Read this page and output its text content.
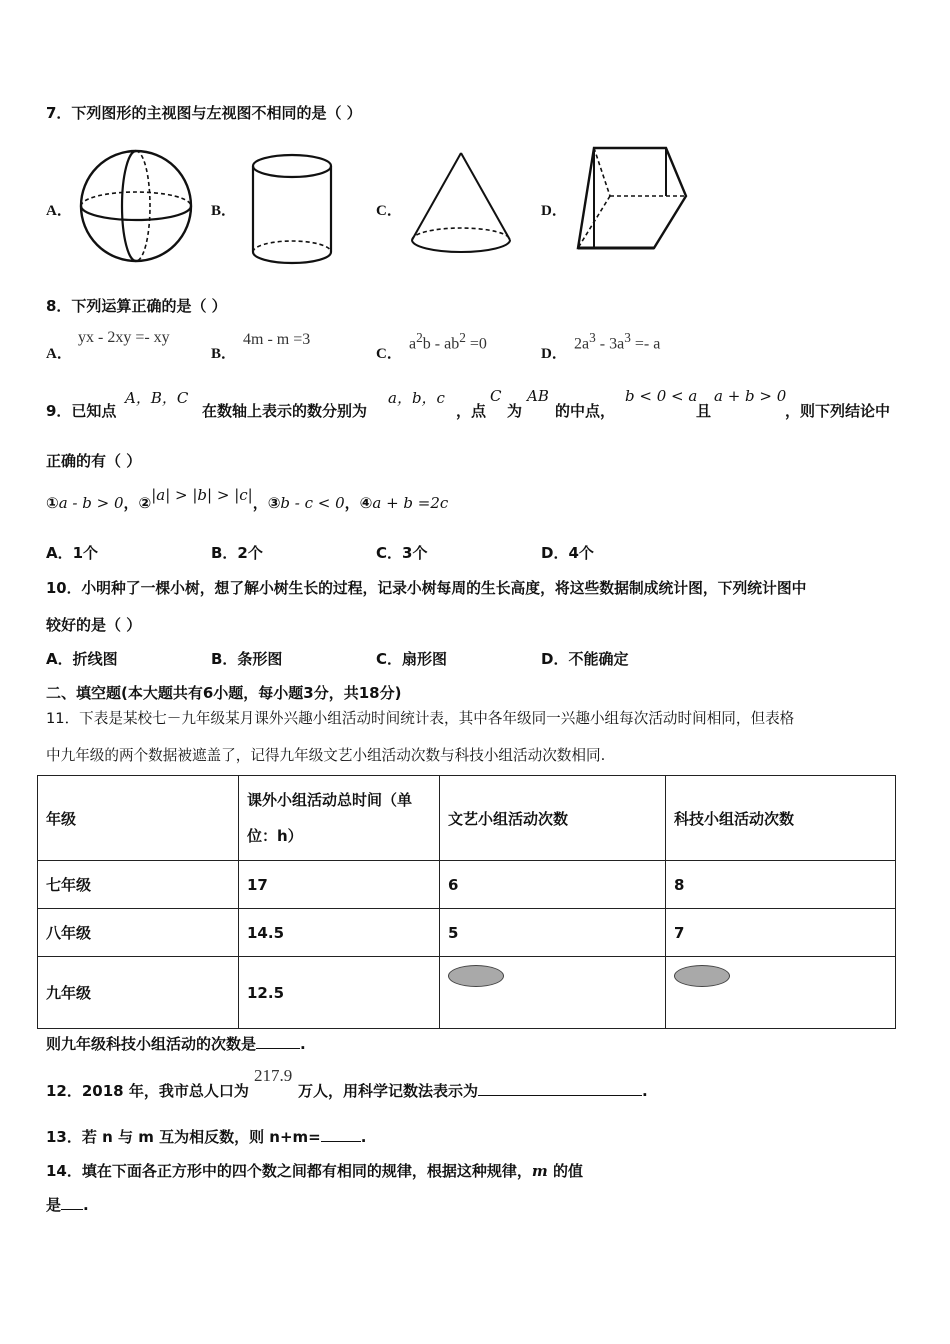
7．下列图形的主视图与左视图不相同的是（ ）
A．	B．	C．	D．
8．下列运算正确的是（ ）
A．
yx - 2xy =- xy
B．
4m - m =3
C．
$a^2b - ab^2 =0$
D．
$2a^3 - 3a^3 =- a$
9．已知点
A，B，C
在数轴上表示的数分别为
a，b，c
，点
C
为
AB
的中点，
b < 0 < a
且
a + b > 0
，则下列结论中
正确的有（ ）
①a - b > 0，②|a| > |b| > |c|，③b - c < 0，④a + b =2c
A．1个	B．2个	C．3个	D．4个
10．小明种了一棵小树，想了解小树生长的过程，记录小树每周的生长高度，将这些数据制成统计图，下列统计图中
较好的是（ ）
A．折线图	B．条形图	C．扇形图	D．不能确定
二、填空题(本大题共有6小题，每小题3分，共18分)
11．下表是某校七－九年级某月课外兴趣小组活动时间统计表，其中各年级同一兴趣小组每次活动时间相同，但表格
中九年级的两个数据被遮盖了，记得九年级文艺小组活动次数与科技小组活动次数相同.
年级	课外小组活动总时间（单
位：h）	文艺小组活动次数	科技小组活动次数
七年级	17	6	8
八年级	14.5	5	7
九年级	12.5		
则九年级科技小组活动的次数是	.
12．2018 年，我市总人口为
217.9
万人，用科学记数法表示为	.
13．若 n 与 m 互为相反数，则 n+m=	.
14．填在下面各正方形中的四个数之间都有相同的规律，根据这种规律，m 的值
是 .
